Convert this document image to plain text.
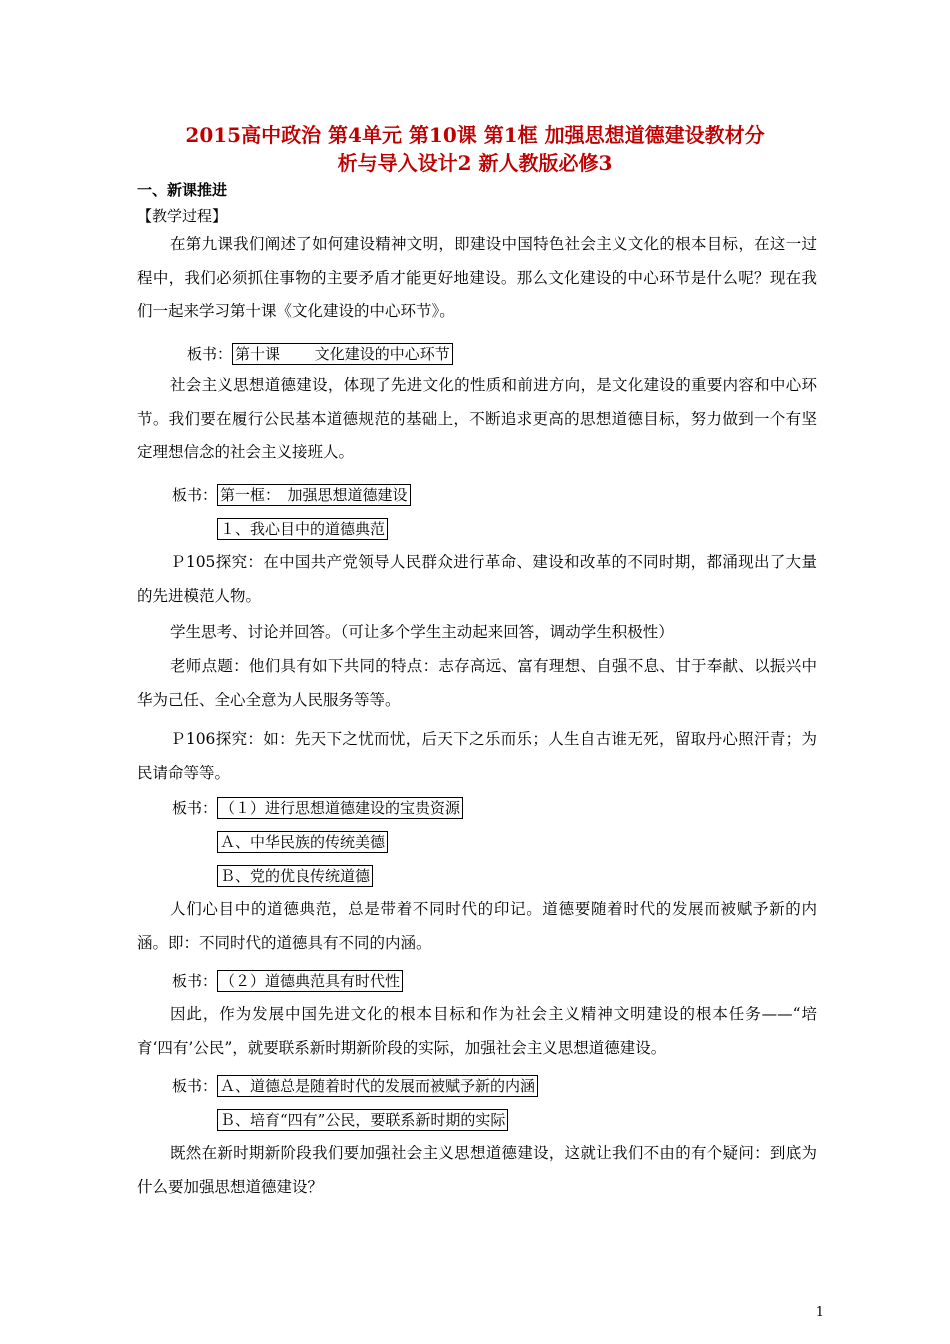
2015高中政治 第4单元 第10课 第1框 加强思想道德建设教材分
析与导入设计2 新人教版必修3
一、新课推进
【教学过程】
在第九课我们阐述了如何建设精神文明，即建设中国特色社会主义文化的根本目标，在这一过程中，我们必须抓住事物的主要矛盾才能更好地建设。那么文化建设的中心环节是什么呢？现在我们一起来学习第十课《文化建设的中心环节》。
板书： 第十课　　 文化建设的中心环节
社会主义思想道德建设，体现了先进文化的性质和前进方向，是文化建设的重要内容和中心环节。我们要在履行公民基本道德规范的基础上，不断追求更高的思想道德目标，努力做到一个有坚定理想信念的社会主义接班人。
板书： 第一框：　加强思想道德建设
１、我心目中的道德典范
Ｐ105探究：在中国共产党领导人民群众进行革命、建设和改革的不同时期，都涌现出了大量的先进模范人物。
学生思考、讨论并回答。（可让多个学生主动起来回答，调动学生积极性）
老师点题：他们具有如下共同的特点：志存高远、富有理想、自强不息、甘于奉献、以振兴中华为己任、全心全意为人民服务等等。
Ｐ106探究：如：先天下之忧而忧，后天下之乐而乐；人生自古谁无死，留取丹心照汗青；为民请命等等。
板书： （１）进行思想道德建设的宝贵资源
Ａ、中华民族的传统美德
Ｂ、党的优良传统道德
人们心目中的道德典范，总是带着不同时代的印记。道德要随着时代的发展而被赋予新的内涵。即：不同时代的道德具有不同的内涵。
板书： （２）道德典范具有时代性
因此，作为发展中国先进文化的根本目标和作为社会主义精神文明建设的根本任务——“培育‘四有’公民”，就要联系新时期新阶段的实际，加强社会主义思想道德建设。
板书： Ａ、道德总是随着时代的发展而被赋予新的内涵
Ｂ、培育“四有”公民，要联系新时期的实际
既然在新时期新阶段我们要加强社会主义思想道德建设，这就让我们不由的有个疑问：到底为什么要加强思想道德建设？
1
